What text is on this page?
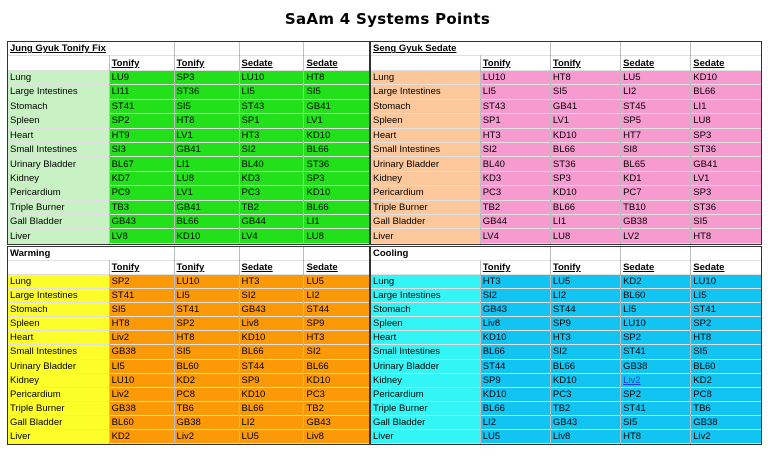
SaAm 4 Systems Points
Jung Gyuk Tonify Fix				
	Tonify	Tonify	Sedate	Sedate
Lung	LU9	SP3	LU10	HT8
Large Intestines	LI11	ST36	LI5	SI5
Stomach	ST41	SI5	ST43	GB41
Spleen	SP2	HT8	SP1	LV1
Heart	HT9	LV1	HT3	KD10
Small Intestines	SI3	GB41	SI2	BL66
Urinary Bladder	BL67	LI1	BL40	ST36
Kidney	KD7	LU8	KD3	SP3
Pericardium	PC9	LV1	PC3	KD10
Triple Burner	TB3	GB41	TB2	BL66
Gall Bladder	GB43	BL66	GB44	LI1
Liver	LV8	KD10	LV4	LU8
Seng Gyuk Sedate				
	Tonify	Tonify	Sedate	Sedate
Lung	LU10	HT8	LU5	KD10
Large Intestines	LI5	SI5	LI2	BL66
Stomach	ST43	GB41	ST45	LI1
Spleen	SP1	LV1	SP5	LU8
Heart	HT3	KD10	HT7	SP3
Small Intestines	SI2	BL66	SI8	ST36
Urinary Bladder	BL40	ST36	BL65	GB41
Kidney	KD3	SP3	KD1	LV1
Pericardium	PC3	KD10	PC7	SP3
Triple Burner	TB2	BL66	TB10	ST36
Gall Bladder	GB44	LI1	GB38	SI5
Liver	LV4	LU8	LV2	HT8
Warming				
	Tonify	Tonify	Sedate	Sedate
Lung	SP2	LU10	HT3	LU5
Large Intestines	ST41	LI5	SI2	LI2
Stomach	SI5	ST41	GB43	ST44
Spleen	HT8	SP2	Liv8	SP9
Heart	Liv2	HT8	KD10	HT3
Small Intestines	GB38	SI5	BL66	SI2
Urinary Bladder	LI5	BL60	ST44	BL66
Kidney	LU10	KD2	SP9	KD10
Pericardium	Liv2	PC8	KD10	PC3
Triple Burner	GB38	TB6	BL66	TB2
Gall Bladder	BL60	GB38	LI2	GB43
Liver	KD2	Liv2	LU5	Liv8
Cooling				
	Tonify	Tonify	Sedate	Sedate
Lung	HT3	LU5	KD2	LU10
Large Intestines	SI2	LI2	BL60	LI5
Stomach	GB43	ST44	LI5	ST41
Spleen	Liv8	SP9	LU10	SP2
Heart	KD10	HT3	SP2	HT8
Small Intestines	BL66	SI2	ST41	SI5
Urinary Bladder	ST44	BL66	GB38	BL60
Kidney	SP9	KD10	Liv2	KD2
Pericardium	KD10	PC3	SP2	PC8
Triple Burner	BL66	TB2	ST41	TB6
Gall Bladder	LI2	GB43	SI5	GB38
Liver	LU5	Liv8	HT8	Liv2
